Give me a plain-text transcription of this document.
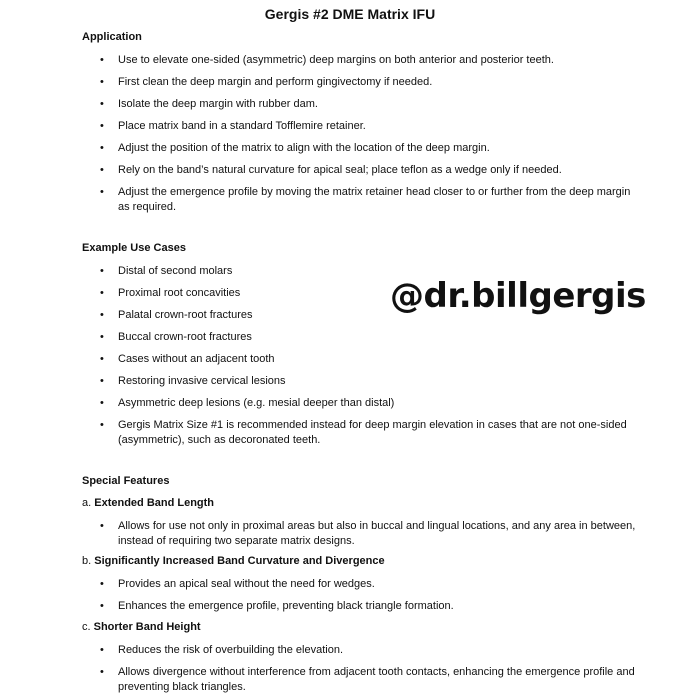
Gergis #2 DME Matrix IFU
Application
• Use to elevate one-sided (asymmetric) deep margins on both anterior and posterior teeth.
• First clean the deep margin and perform gingivectomy if needed.
• Isolate the deep margin with rubber dam.
• Place matrix band in a standard Tofflemire retainer.
• Adjust the position of the matrix to align with the location of the deep margin.
• Rely on the band’s natural curvature for apical seal; place teflon as a wedge only if needed.
• Adjust the emergence profile by moving the matrix retainer head closer to or further from the deep margin as required.
Example Use Cases
• Distal of second molars
• Proximal root concavities
• Palatal crown-root fractures
• Buccal crown-root fractures
• Cases without an adjacent tooth
• Restoring invasive cervical lesions
• Asymmetric deep lesions (e.g. mesial deeper than distal)
• Gergis Matrix Size #1 is recommended instead for deep margin elevation in cases that are not one-sided (asymmetric), such as decoronated teeth.
@dr.billgergis
Special Features
a. Extended Band Length
• Allows for use not only in proximal areas but also in buccal and lingual locations, and any area in between, instead of requiring two separate matrix designs.
b. Significantly Increased Band Curvature and Divergence
• Provides an apical seal without the need for wedges.
• Enhances the emergence profile, preventing black triangle formation.
c. Shorter Band Height
• Reduces the risk of overbuilding the elevation.
• Allows divergence without interference from adjacent tooth contacts, enhancing the emergence profile and preventing black triangles.
